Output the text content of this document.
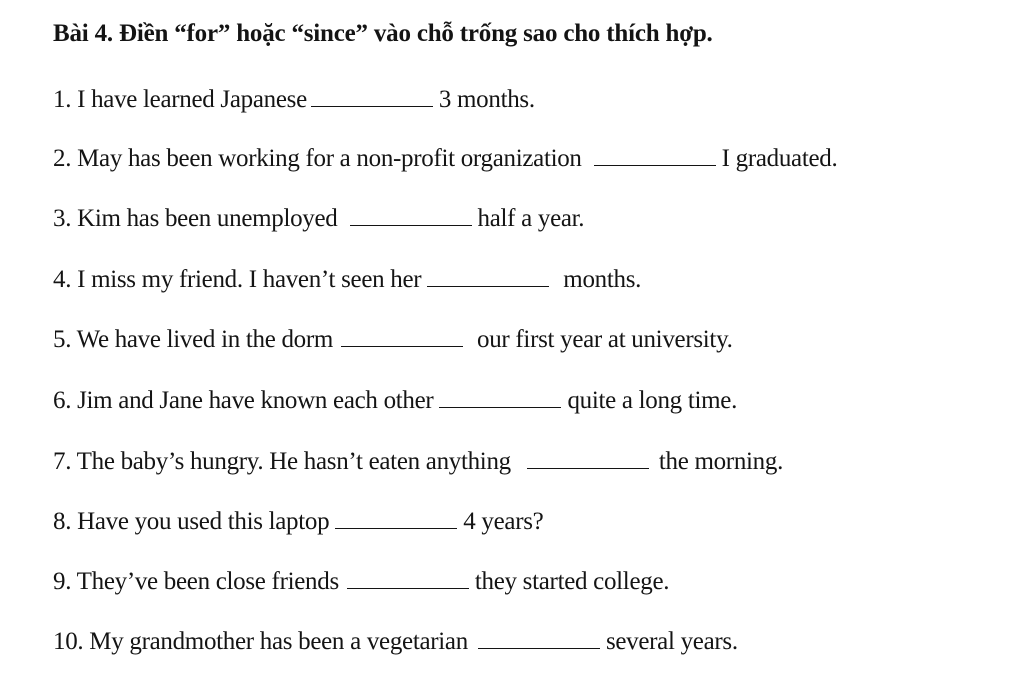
Bài 4. Điền “for” hoặc “since” vào chỗ trống sao cho thích hợp.
1. I have learned Japanese	3 months.
2. May has been working for a non-profit organization	I graduated.
3. Kim has been unemployed	half a year.
4. I miss my friend. I haven’t seen her	months.
5. We have lived in the dorm	our first year at university.
6. Jim and Jane have known each other	quite a long time.
7. The baby’s hungry. He hasn’t eaten anything	the morning.
8. Have you used this laptop	4 years?
9. They’ve been close friends	they started college.
10. My grandmother has been a vegetarian	several years.
